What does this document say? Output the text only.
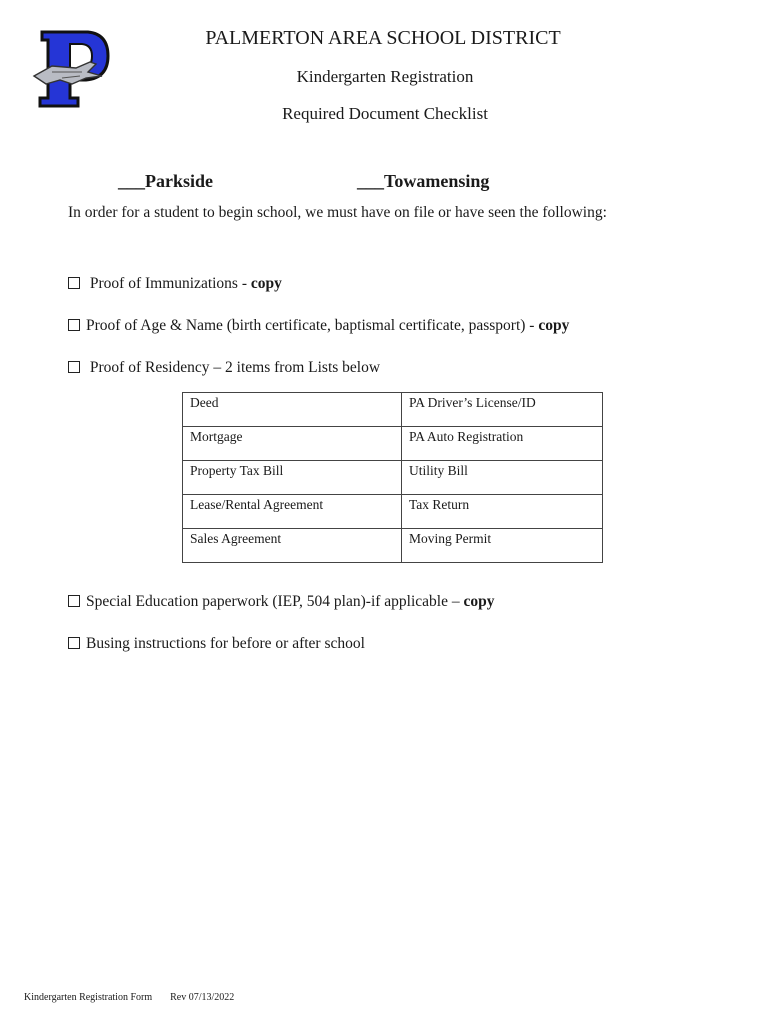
PALMERTON AREA SCHOOL DISTRICT
Kindergarten Registration
Required Document Checklist
___Parkside	___Towamensing
In order for a student to begin school, we must have on file or have seen the following:
Proof of Immunizations - copy
Proof of Age & Name (birth certificate, baptismal certificate, passport) - copy
Proof of Residency – 2 items from Lists below
Deed	PA Driver’s License/ID
Mortgage	PA Auto Registration
Property Tax Bill	Utility Bill
Lease/Rental Agreement	Tax Return
Sales Agreement	Moving Permit
Special Education paperwork (IEP, 504 plan)-if applicable – copy
Busing instructions for before or after school
Kindergarten Registration Form Rev 07/13/2022
